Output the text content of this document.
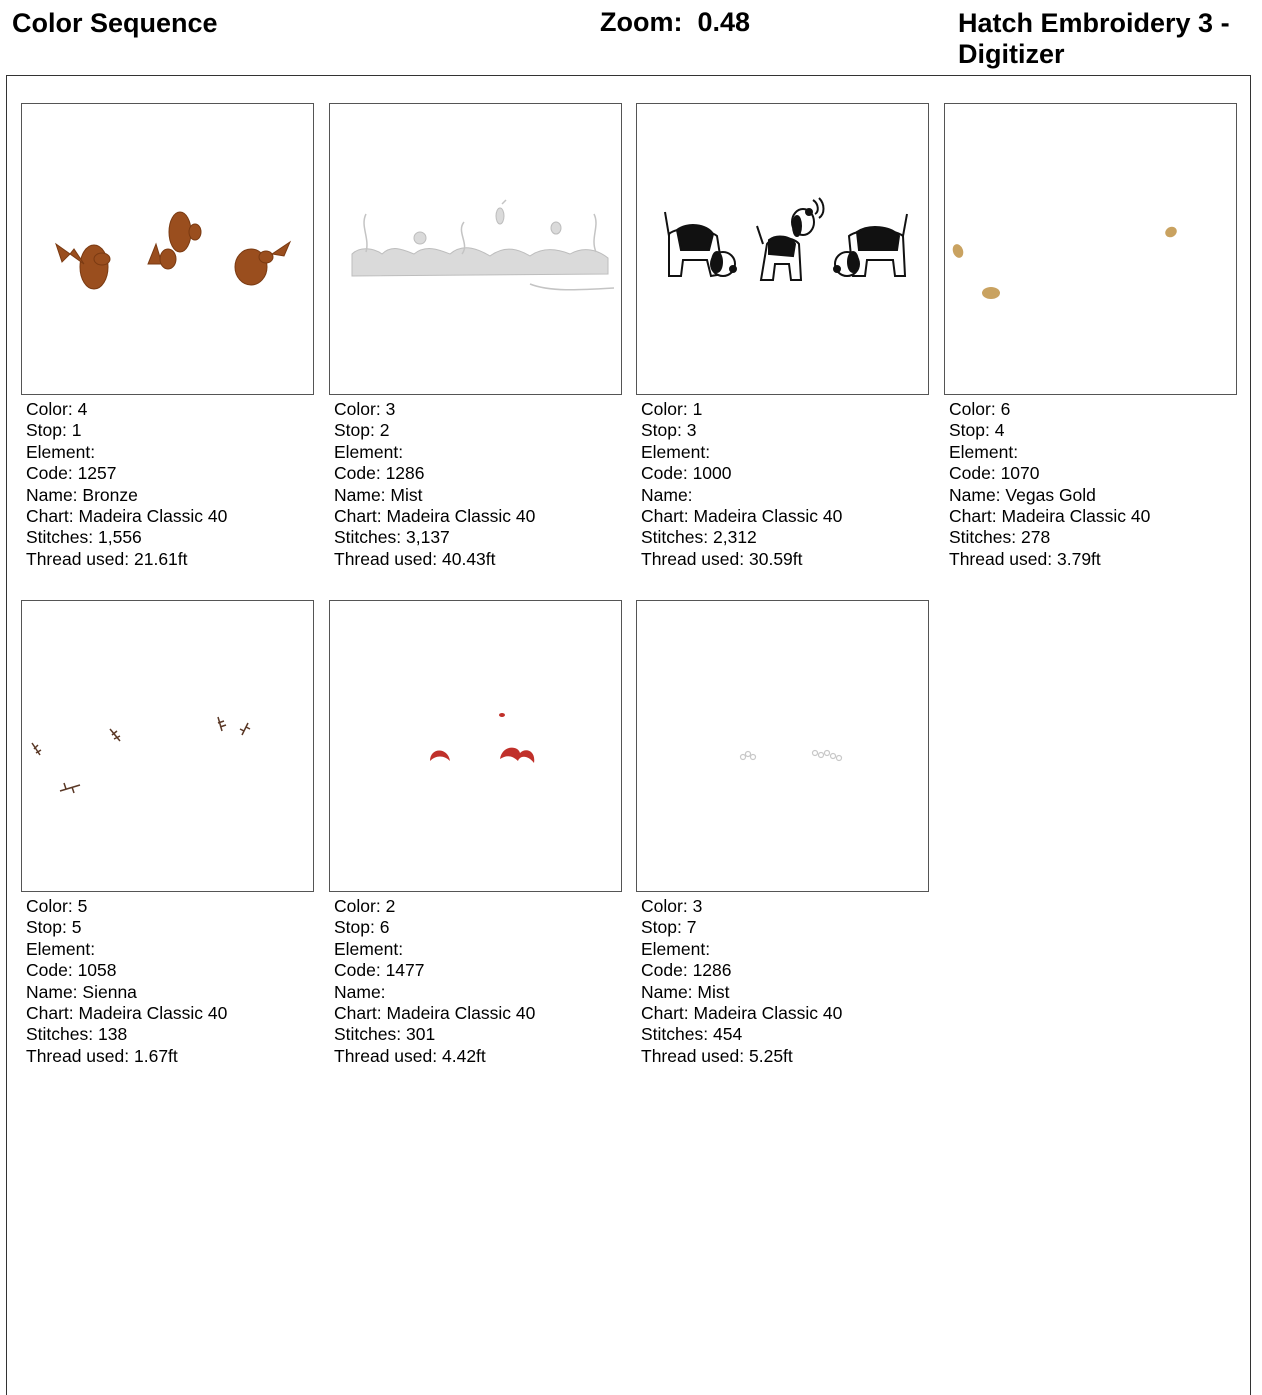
Color Sequence	Zoom: 0.48	Hatch Embroidery 3 - Digitizer
Color: 4
Stop: 1
Element:
Code: 1257
Name: Bronze
Chart: Madeira Classic 40
Stitches: 1,556
Thread used: 21.61ft
Color: 3
Stop: 2
Element:
Code: 1286
Name: Mist
Chart: Madeira Classic 40
Stitches: 3,137
Thread used: 40.43ft
Color: 1
Stop: 3
Element:
Code: 1000
Name:
Chart: Madeira Classic 40
Stitches: 2,312
Thread used: 30.59ft
Color: 6
Stop: 4
Element:
Code: 1070
Name: Vegas Gold
Chart: Madeira Classic 40
Stitches: 278
Thread used: 3.79ft
Color: 5
Stop: 5
Element:
Code: 1058
Name: Sienna
Chart: Madeira Classic 40
Stitches: 138
Thread used: 1.67ft
Color: 2
Stop: 6
Element:
Code: 1477
Name:
Chart: Madeira Classic 40
Stitches: 301
Thread used: 4.42ft
Color: 3
Stop: 7
Element:
Code: 1286
Name: Mist
Chart: Madeira Classic 40
Stitches: 454
Thread used: 5.25ft
